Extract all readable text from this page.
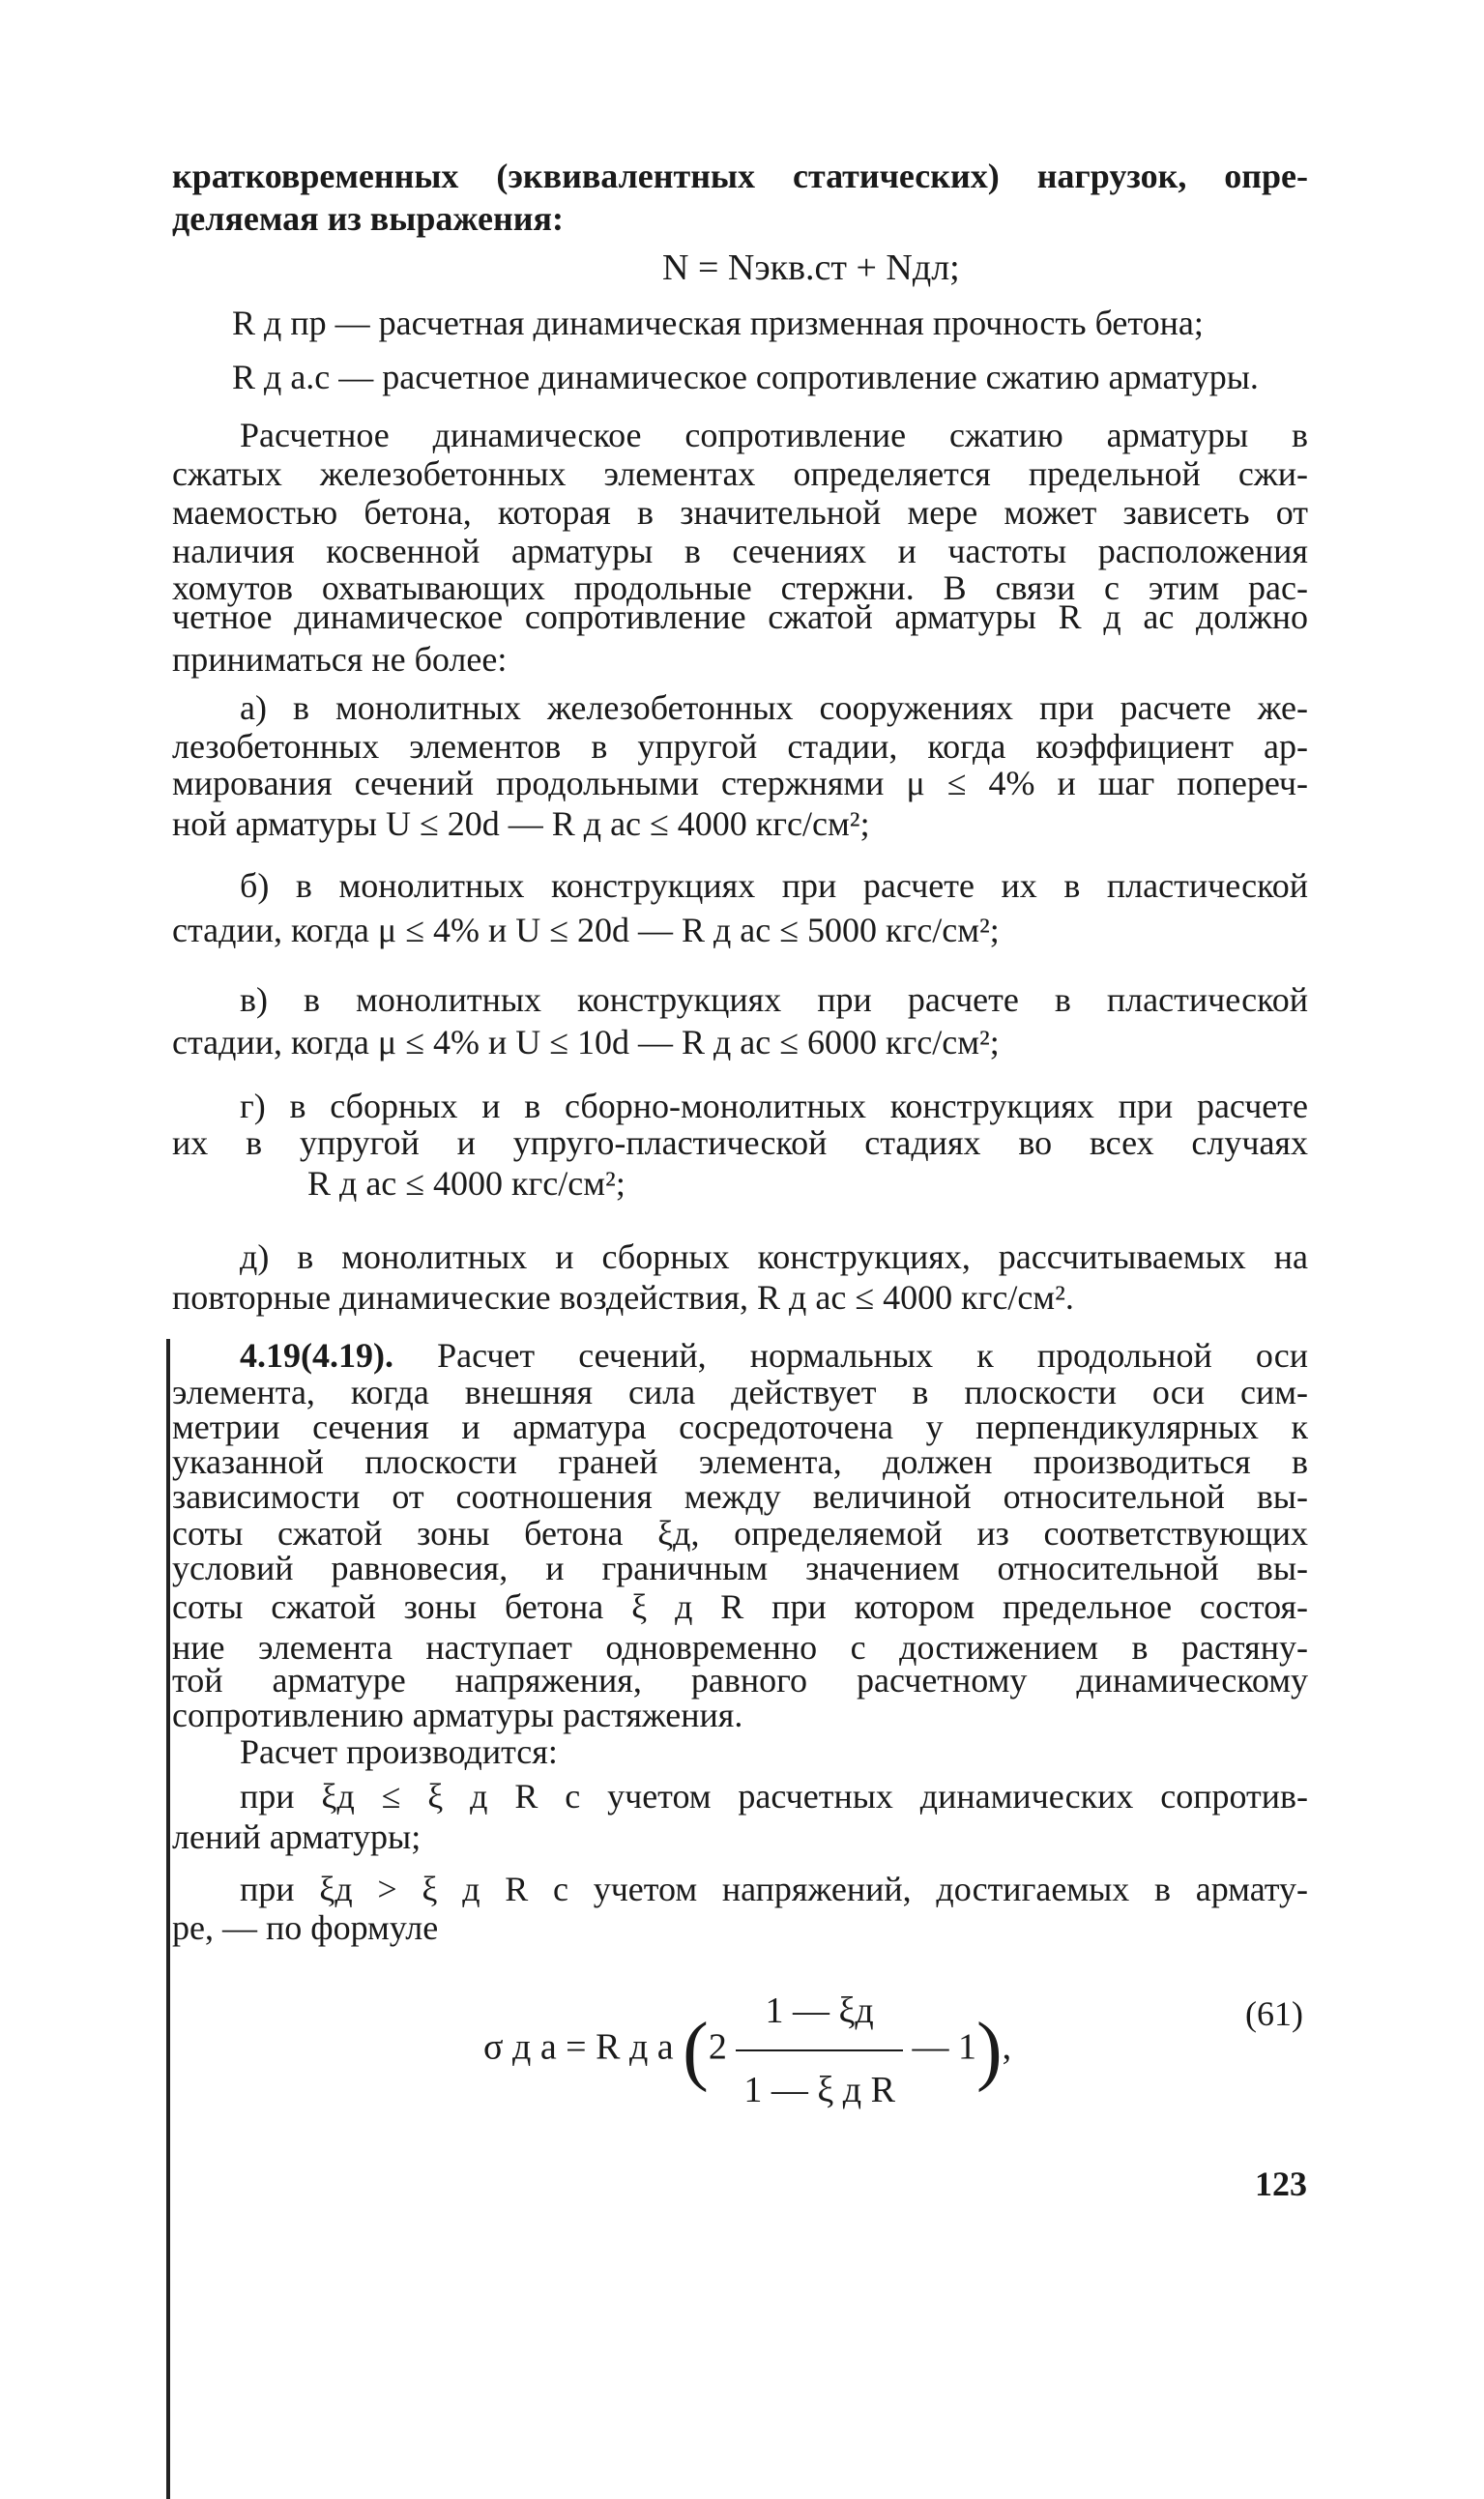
кратковременных (эквивалентных статических) нагрузок, опре-
деляемая из выражения:
N = Nэкв.ст + Nдл;
R д пр — расчетная динамическая призменная прочность бетона;
R д а.с — расчетное динамическое сопротивление сжатию арматуры.
Расчетное динамическое сопротивление сжатию арматуры в
сжатых железобетонных элементах определяется предельной сжи-
маемостью бетона, которая в значительной мере может зависеть от
наличия косвенной арматуры в сечениях и частоты расположения
хомутов охватывающих продольные стержни. В связи с этим рас-
четное динамическое сопротивление сжатой арматуры R д ас должно
приниматься не более:
а) в монолитных железобетонных сооружениях при расчете же-
лезобетонных элементов в упругой стадии, когда коэффициент ар-
мирования сечений продольными стержнями μ ≤ 4% и шаг попереч-
ной арматуры U ≤ 20d — R д ас ≤ 4000 кгс/см²;
б) в монолитных конструкциях при расчете их в пластической
стадии, когда μ ≤ 4% и U ≤ 20d — R д ас ≤ 5000 кгс/см²;
в) в монолитных конструкциях при расчете в пластической
стадии, когда μ ≤ 4% и U ≤ 10d — R д ас ≤ 6000 кгс/см²;
г) в сборных и в сборно-монолитных конструкциях при расчете
их в упругой и упруго-пластической стадиях во всех случаях
R д ас ≤ 4000 кгс/см²;
д) в монолитных и сборных конструкциях, рассчитываемых на
повторные динамические воздействия, R д ас ≤ 4000 кгс/см².
4.19(4.19). Расчет сечений, нормальных к продольной оси
элемента, когда внешняя сила действует в плоскости оси сим-
метрии сечения и арматура сосредоточена у перпендикулярных к
указанной плоскости граней элемента, должен производиться в
зависимости от соотношения между величиной относительной вы-
соты сжатой зоны бетона ξд, определяемой из соответствующих
условий равновесия, и граничным значением относительной вы-
соты сжатой зоны бетона ξ д R при котором предельное состоя-
ние элемента наступает одновременно с достижением в растяну-
той арматуре напряжения, равного расчетному динамическому
сопротивлению арматуры растяжения.
Расчет производится:
при ξд ≤ ξ д R с учетом расчетных динамических сопротив-
лений арматуры;
при ξд > ξ д R с учетом напряжений, достигаемых в армату-
ре, — по формуле
σ д а = R д а ($2 \frac{1 — \xi д}{\text{1 — ξ д R}}$ — 1),
(61)
123
